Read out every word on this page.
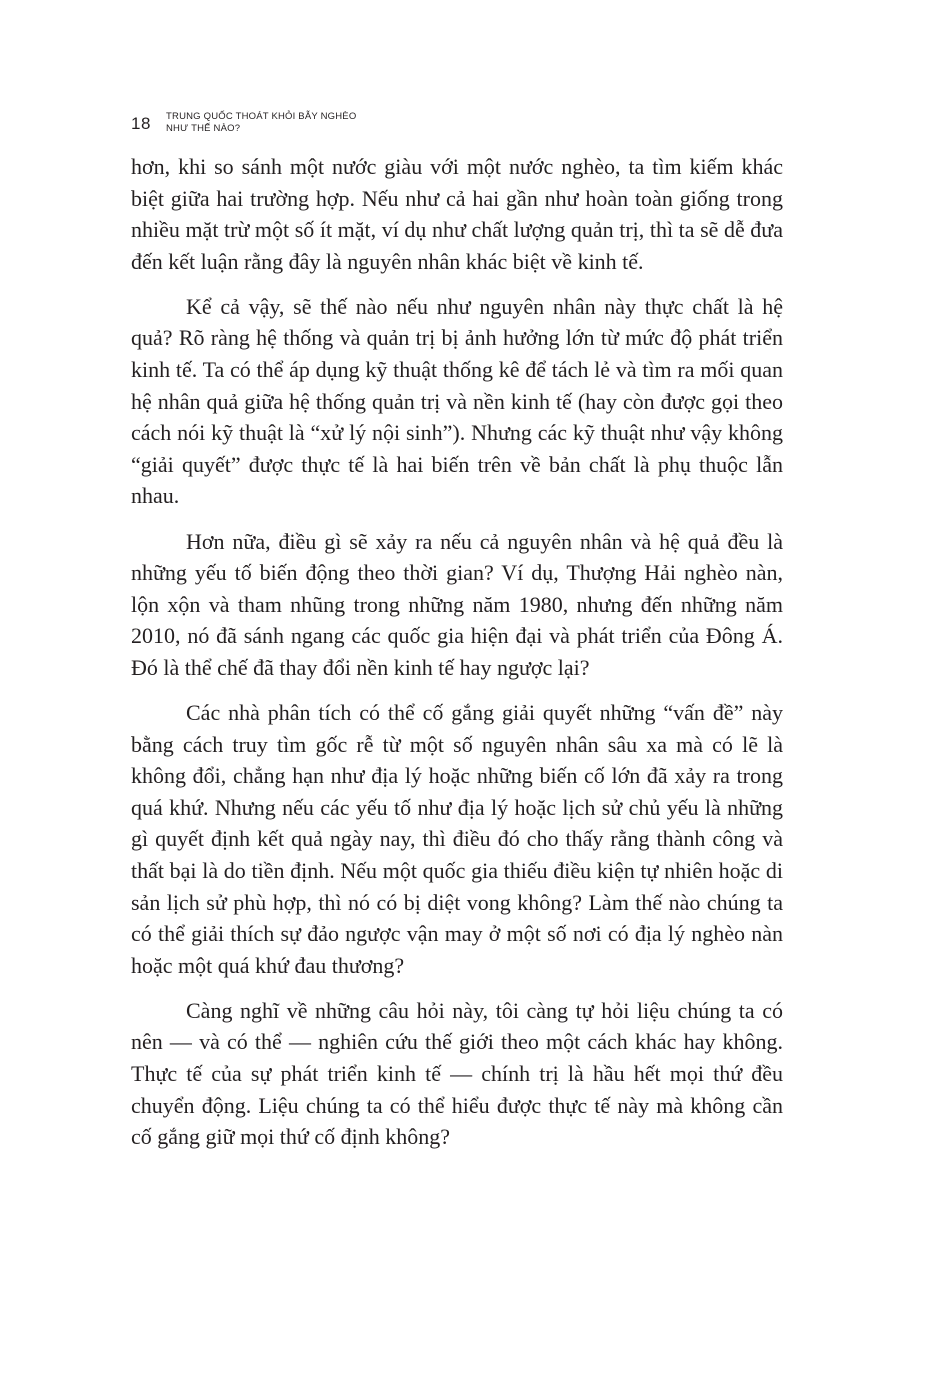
18 TRUNG QUỐC THOÁT KHỎI BẪY NGHÈO
NHƯ THẾ NÀO?

hơn, khi so sánh một nước giàu với một nước nghèo, ta tìm kiếm khác biệt giữa hai trường hợp. Nếu như cả hai gần như hoàn toàn giống trong nhiều mặt trừ một số ít mặt, ví dụ như chất lượng quản trị, thì ta sẽ dễ đưa đến kết luận rằng đây là nguyên nhân khác biệt về kinh tế.

Kể cả vậy, sẽ thế nào nếu như nguyên nhân này thực chất là hệ quả? Rõ ràng hệ thống và quản trị bị ảnh hưởng lớn từ mức độ phát triển kinh tế. Ta có thể áp dụng kỹ thuật thống kê để tách lẻ và tìm ra mối quan hệ nhân quả giữa hệ thống quản trị và nền kinh tế (hay còn được gọi theo cách nói kỹ thuật là “xử lý nội sinh”). Nhưng các kỹ thuật như vậy không “giải quyết” được thực tế là hai biến trên về bản chất là phụ thuộc lẫn nhau.

Hơn nữa, điều gì sẽ xảy ra nếu cả nguyên nhân và hệ quả đều là những yếu tố biến động theo thời gian? Ví dụ, Thượng Hải nghèo nàn, lộn xộn và tham nhũng trong những năm 1980, nhưng đến những năm 2010, nó đã sánh ngang các quốc gia hiện đại và phát triển của Đông Á. Đó là thể chế đã thay đổi nền kinh tế hay ngược lại?

Các nhà phân tích có thể cố gắng giải quyết những “vấn đề” này bằng cách truy tìm gốc rễ từ một số nguyên nhân sâu xa mà có lẽ là không đổi, chẳng hạn như địa lý hoặc những biến cố lớn đã xảy ra trong quá khứ. Nhưng nếu các yếu tố như địa lý hoặc lịch sử chủ yếu là những gì quyết định kết quả ngày nay, thì điều đó cho thấy rằng thành công và thất bại là do tiền định. Nếu một quốc gia thiếu điều kiện tự nhiên hoặc di sản lịch sử phù hợp, thì nó có bị diệt vong không? Làm thế nào chúng ta có thể giải thích sự đảo ngược vận may ở một số nơi có địa lý nghèo nàn hoặc một quá khứ đau thương?

Càng nghĩ về những câu hỏi này, tôi càng tự hỏi liệu chúng ta có nên — và có thể — nghiên cứu thế giới theo một cách khác hay không. Thực tế của sự phát triển kinh tế — chính trị là hầu hết mọi thứ đều chuyển động. Liệu chúng ta có thể hiểu được thực tế này mà không cần cố gắng giữ mọi thứ cố định không?
